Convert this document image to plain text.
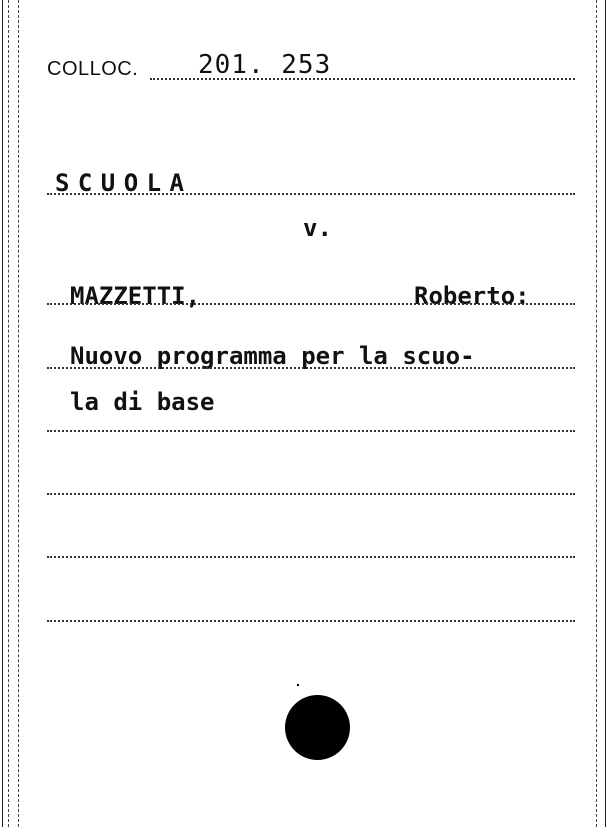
COLLOC. 201. 253
S C U O L A
v.
MAZZETTI,	Roberto:
Nuovo programma per la scuo-
la di base
